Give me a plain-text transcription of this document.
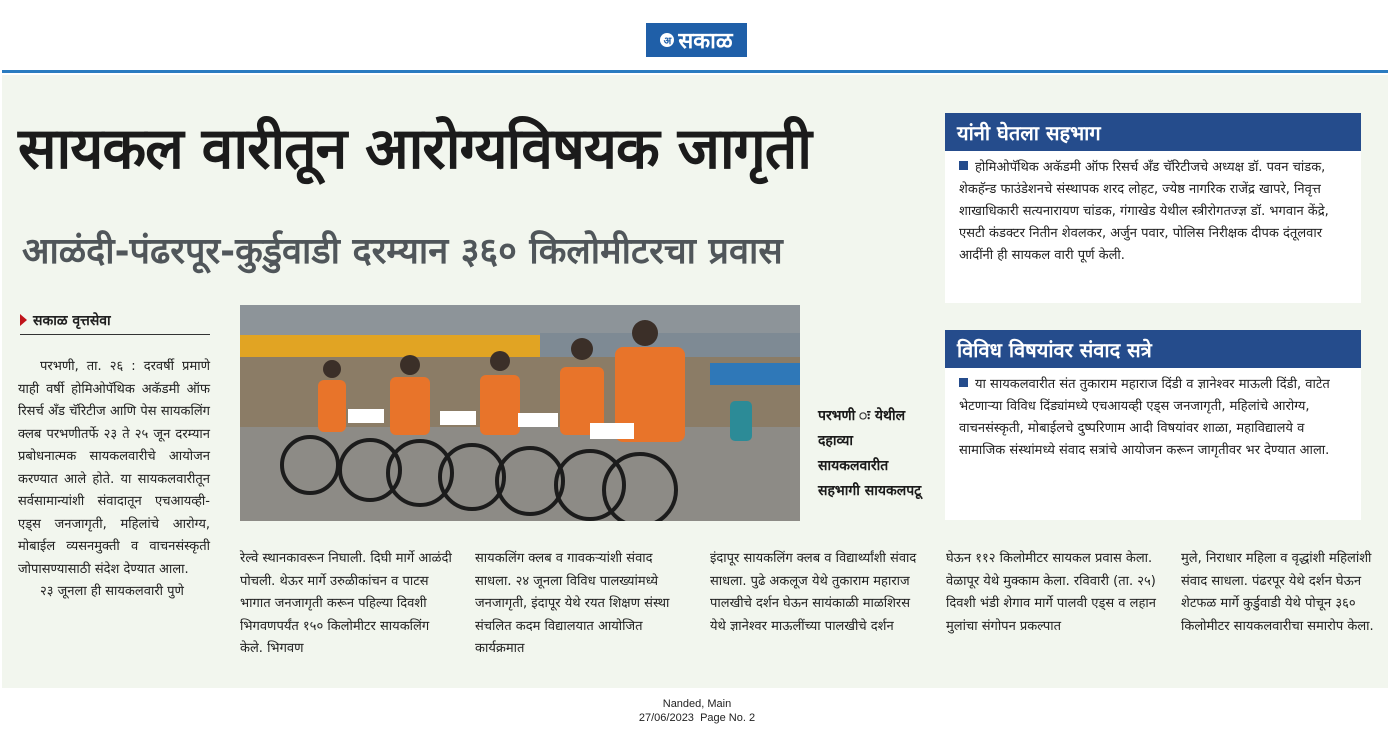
अ सकाळ
सायकल वारीतून आरोग्यविषयक जागृती
आळंदी-पंढरपूर-कुर्डुवाडी दरम्यान ३६० किलोमीटरचा प्रवास
सकाळ वृत्तसेवा

परभणी, ता. २६ : दरवर्षी प्रमाणे याही वर्षी होमिओपॅथिक अकॅडमी ऑफ रिसर्च अँड चॅरिटीज आणि पेस सायकलिंग क्लब परभणीतर्फे २३ ते २५ जून दरम्यान प्रबोधनात्मक सायकलवारीचे आयोजन करण्यात आले होते. या सायकलवारीतून सर्वसामान्यांशी संवादातून एचआयव्ही- एड्स जनजागृती, महिलांचे आरोग्य, मोबाईल व्यसनमुक्ती व वाचनसंस्कृती जोपासण्यासाठी संदेश देण्यात आला.

२३ जूनला ही सायकलवारी पुणे

परभणी ः येथील दहाव्या सायकलवारीत सहभागी सायकलपटू
रेल्वे स्थानकावरून निघाली. दिघी मार्गे आळंदी पोचली. थेऊर मार्गे उरुळीकांचन व पाटस भागात जनजागृती करून पहिल्या दिवशी भिगवणपर्यंत १५० किलोमीटर सायकलिंग केले. भिगवण
सायकलिंग क्लब व गावकऱ्यांशी संवाद साधला. २४ जूनला विविध पालख्यांमध्ये जनजागृती, इंदापूर येथे रयत शिक्षण संस्था संचलित कदम विद्यालयात आयोजित कार्यक्रमात
इंदापूर सायकलिंग क्लब व विद्यार्थ्यांशी संवाद साधला. पुढे अकलूज येथे तुकाराम महाराज पालखीचे दर्शन घेऊन सायंकाळी माळशिरस येथे ज्ञानेश्वर माऊलींच्या पालखीचे दर्शन
घेऊन ११२ किलोमीटर सायकल प्रवास केला. वेळापूर येथे मुक्काम केला. रविवारी (ता. २५) दिवशी भंडी शेगाव मार्गे पालवी एड्स व लहान मुलांचा संगोपन प्रकल्पात
मुले, निराधार महिला व वृद्धांशी महिलांशी संवाद साधला. पंढरपूर येथे दर्शन घेऊन शेटफळ मार्गे कुर्डुवाडी येथे पोचून ३६० किलोमीटर सायकलवारीचा समारोप केला.
यांनी घेतला सहभाग
होमिओपॅथिक अकॅडमी ऑफ रिसर्च अँड चॅरिटीजचे अध्यक्ष डॉ. पवन चांडक, शेकहॅन्ड फाउंडेशनचे संस्थापक शरद लोहट, ज्येष्ठ नागरिक राजेंद्र खापरे, निवृत्त शाखाधिकारी सत्यनारायण चांडक, गंगाखेड येथील स्त्रीरोगतज्ज्ञ डॉ. भगवान केंद्रे, एसटी कंडक्टर नितीन शेवलकर, अर्जुन पवार, पोलिस निरीक्षक दीपक दंतूलवार आदींनी ही सायकल वारी पूर्ण केली.
विविध विषयांवर संवाद सत्रे
या सायकलवारीत संत तुकाराम महाराज दिंडी व ज्ञानेश्वर माऊली दिंडी, वाटेत भेटणाऱ्या विविध दिंड्यांमध्ये एचआयव्ही एड्स जनजागृती, महिलांचे आरोग्य, वाचनसंस्कृती, मोबाईलचे दुष्परिणाम आदी विषयांवर शाळा, महाविद्यालये व सामाजिक संस्थांमध्ये संवाद सत्रांचे आयोजन करून जागृतीवर भर देण्यात आला.
Nanded, Main
27/06/2023 Page No. 2
